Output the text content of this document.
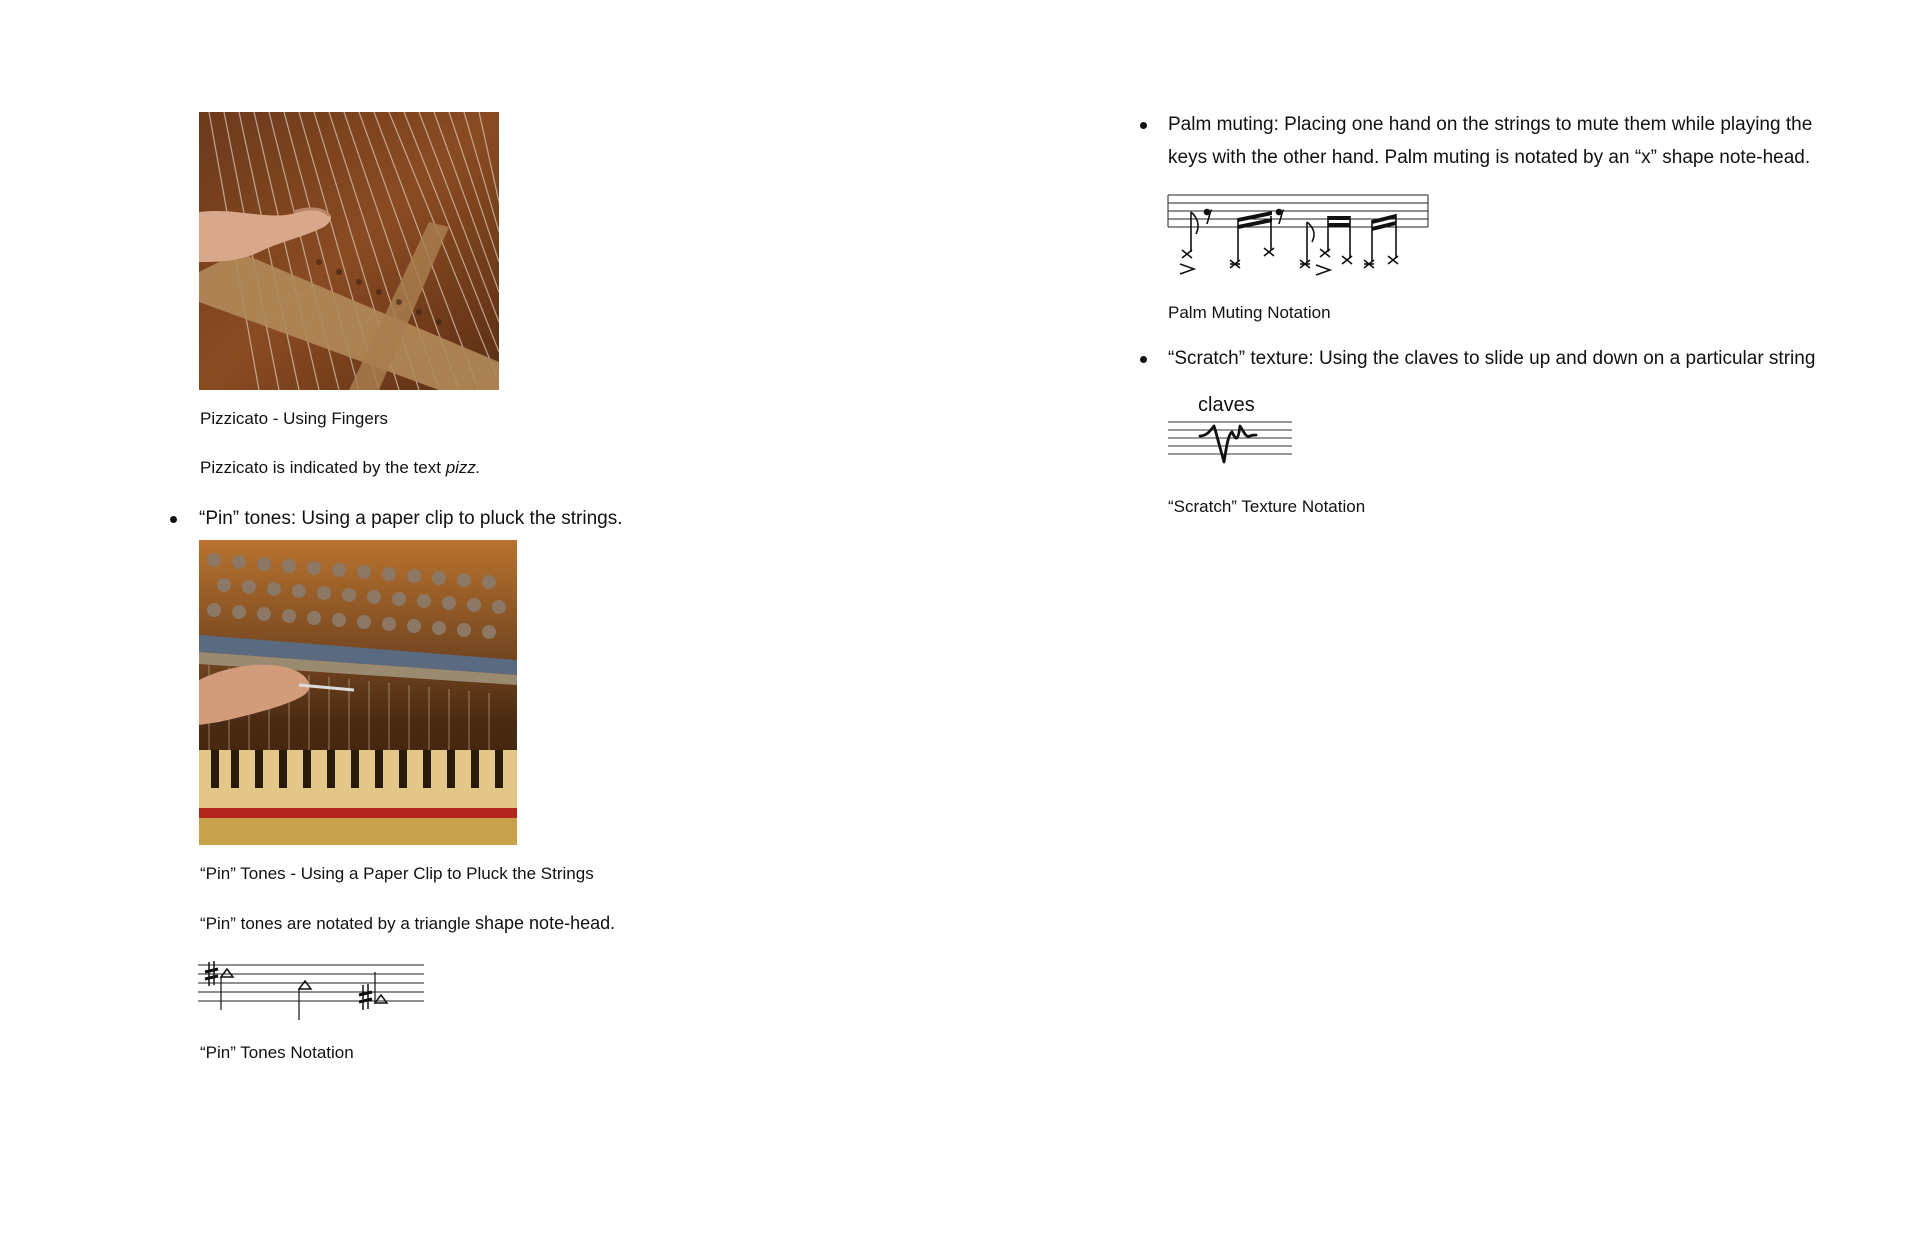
Pizzicato - Using Fingers
Pizzicato is indicated by the text pizz.
“Pin” tones: Using a paper clip to pluck the strings.
“Pin” Tones - Using a Paper Clip to Pluck the Strings
“Pin” tones are notated by a triangle shape note-head.
“Pin” Tones Notation
Palm muting: Placing one hand on the strings to mute them while playing the
keys with the other hand. Palm muting is notated by an “x” shape note-head.
Palm Muting Notation
“Scratch” texture: Using the claves to slide up and down on a particular string
claves
“Scratch” Texture Notation
